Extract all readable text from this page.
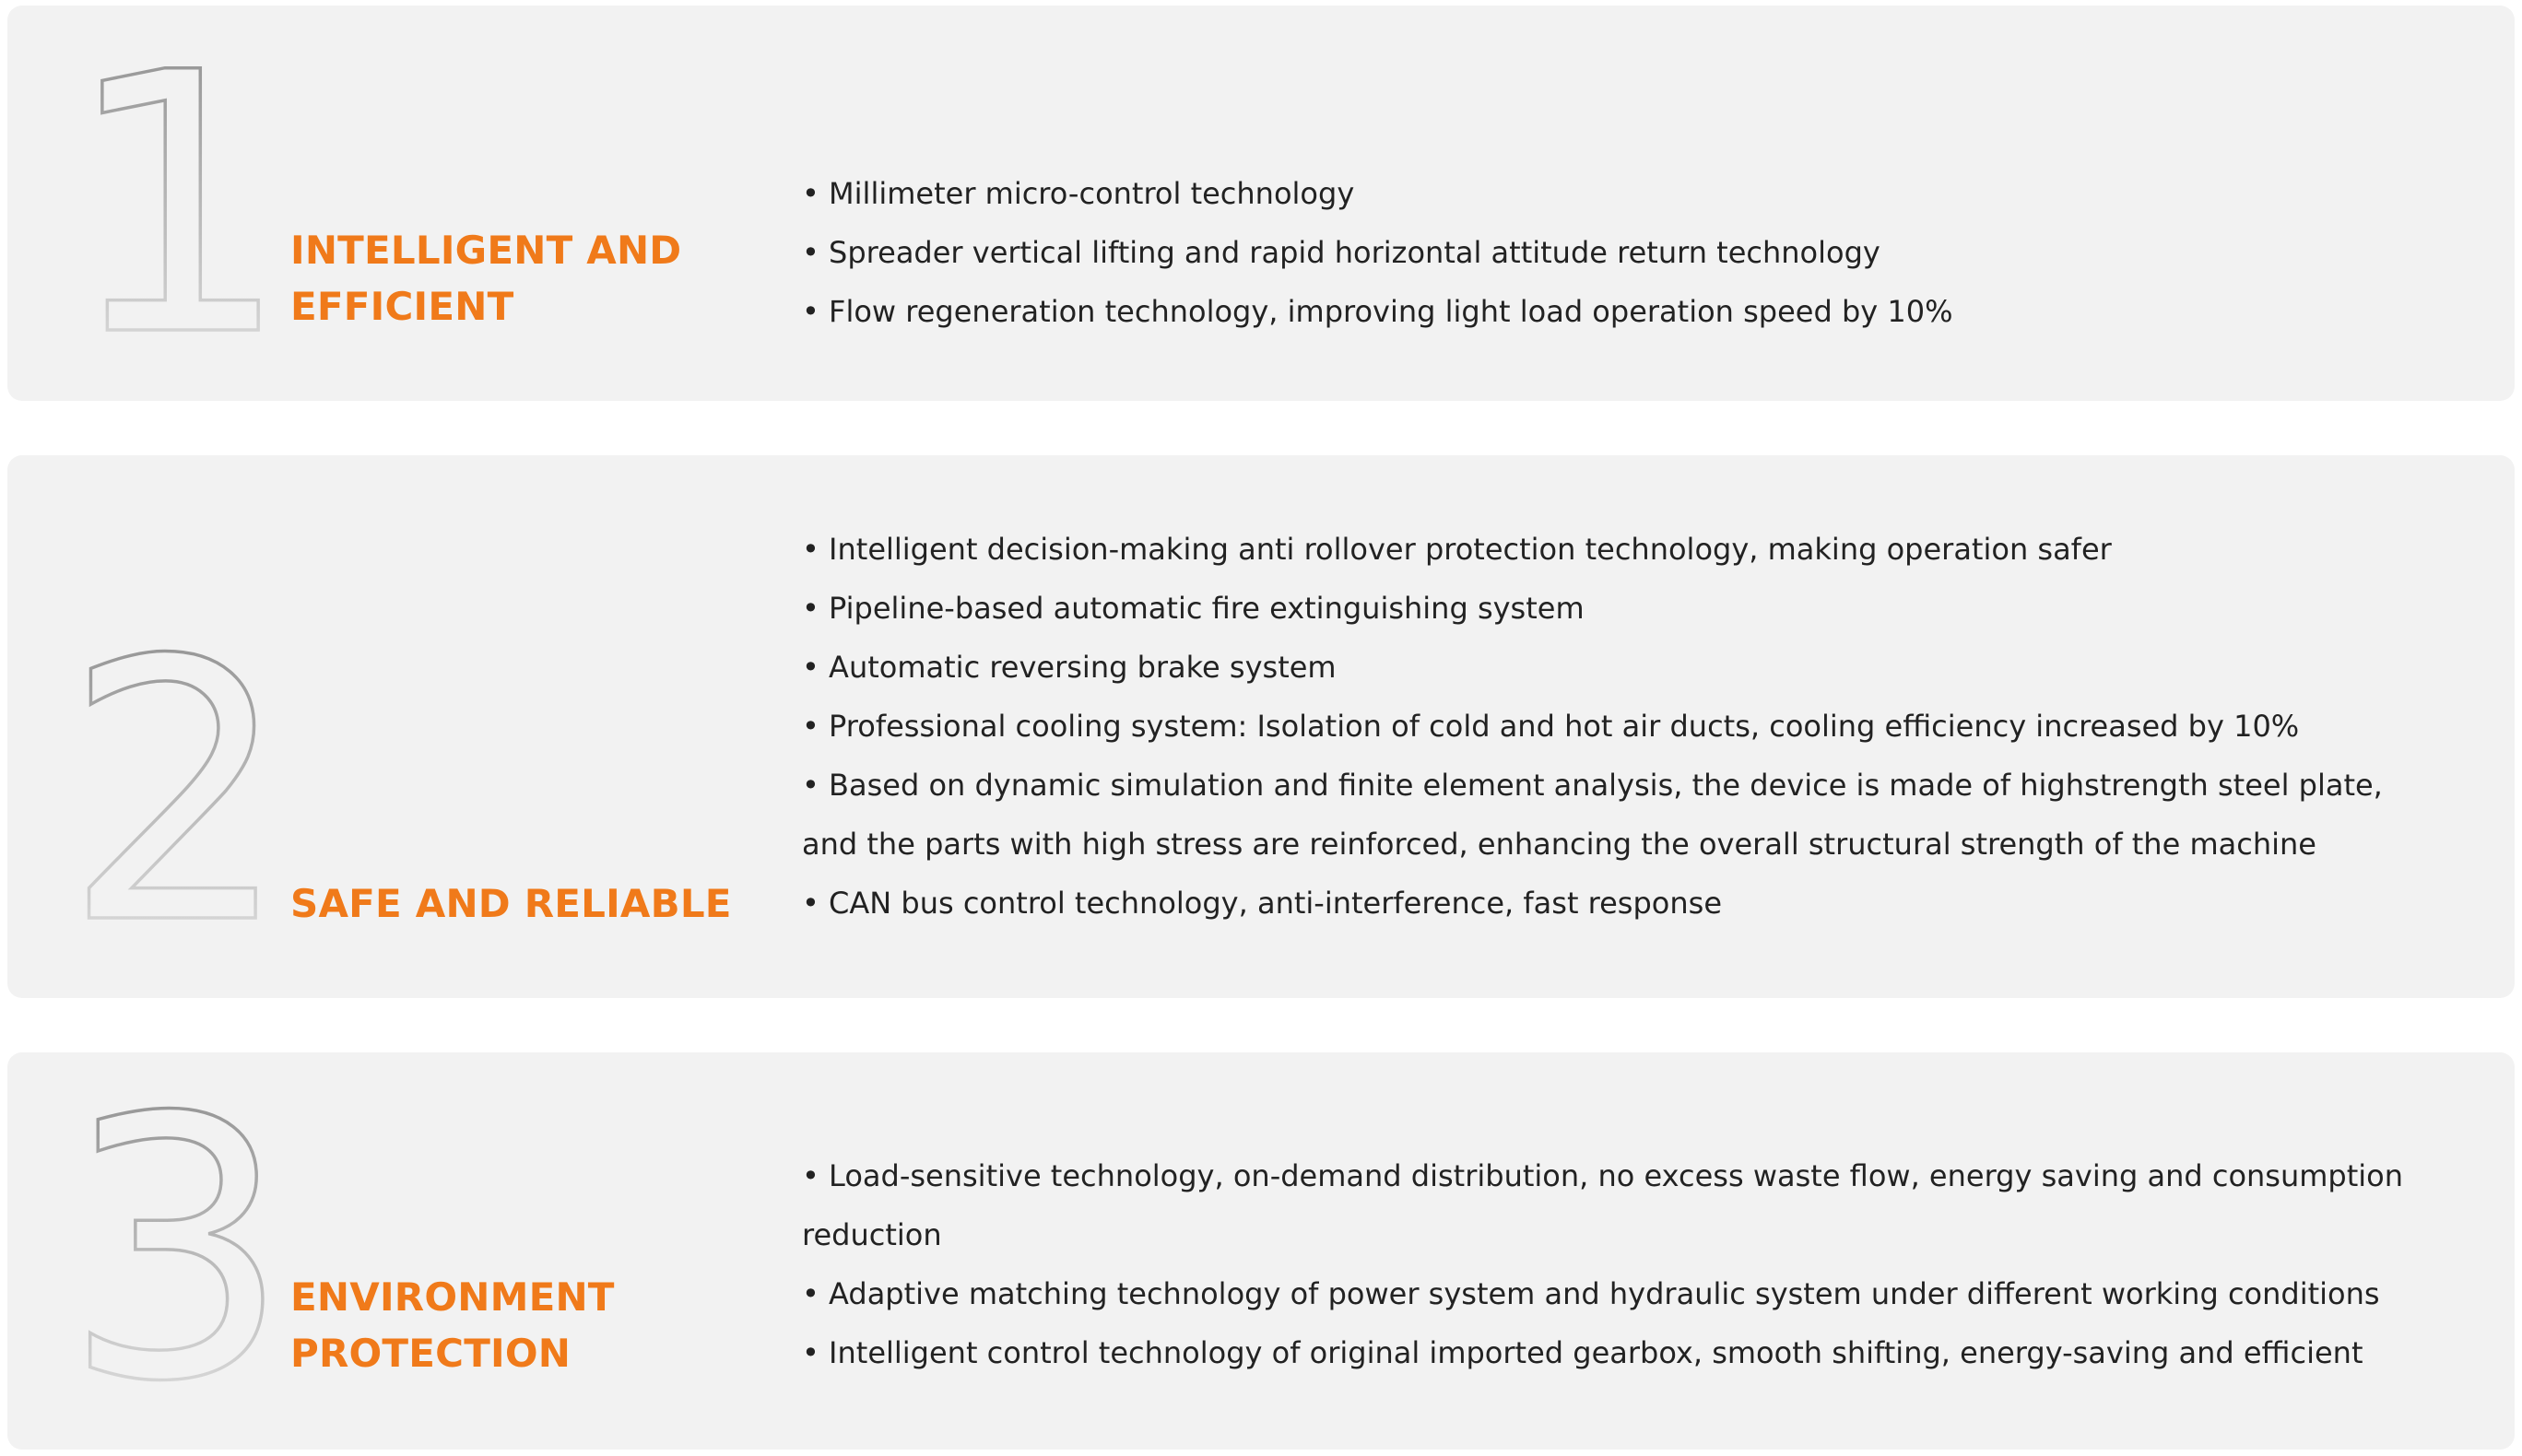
1
INTELLIGENT AND
EFFICIENT
• Millimeter micro-control technology
• Spreader vertical lifting and rapid horizontal attitude return technology
• Flow regeneration technology, improving light load operation speed by 10%
2
SAFE AND RELIABLE
• Intelligent decision-making anti rollover protection technology, making operation safer
• Pipeline-based automatic fire extinguishing system
• Automatic reversing brake system
• Professional cooling system: Isolation of cold and hot air ducts, cooling efficiency increased by 10%
• Based on dynamic simulation and finite element analysis, the device is made of highstrength steel plate, and the parts with high stress are reinforced, enhancing the overall structural strength of the machine
• CAN bus control technology, anti-interference, fast response
3
ENVIRONMENT
PROTECTION
• Load-sensitive technology, on-demand distribution, no excess waste flow, energy saving and consumption reduction
• Adaptive matching technology of power system and hydraulic system under different working conditions
• Intelligent control technology of original imported gearbox, smooth shifting, energy-saving and efficient
